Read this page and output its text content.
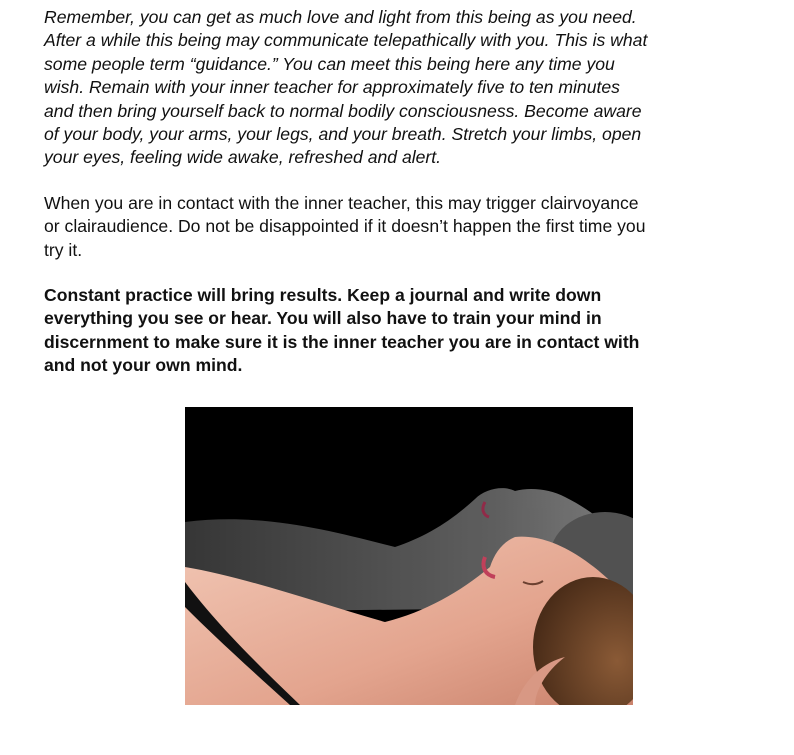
Remember, you can get as much love and light from this being as you need.
After a while this being may communicate telepathically with you. This is what
some people term “guidance.” You can meet this being here any time you
wish. Remain with your inner teacher for approximately five to ten minutes
and then bring yourself back to normal bodily consciousness. Become aware
of your body, your arms, your legs, and your breath. Stretch your limbs, open
your eyes, feeling wide awake, refreshed and alert.

When you are in contact with the inner teacher, this may trigger clairvoyance
or clairaudience. Do not be disappointed if it doesn’t happen the first time you
try it.

Constant practice will bring results. Keep a journal and write down
everything you see or hear. You will also have to train your mind in
discernment to make sure it is the inner teacher you are in contact with
and not your own mind.
